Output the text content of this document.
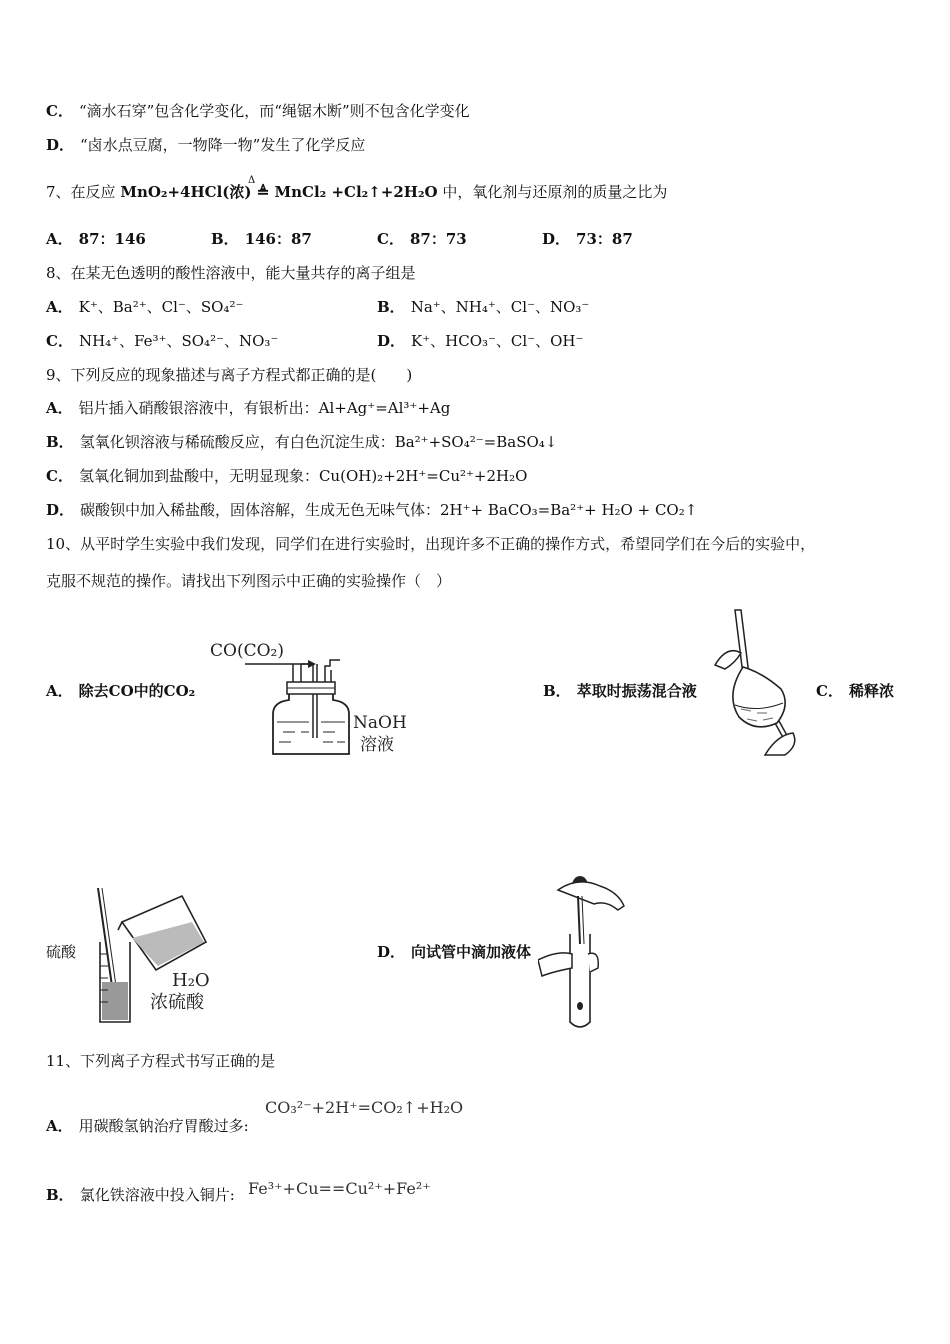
C． “滴水石穿”包含化学变化，而“绳锯木断”则不包含化学变化
D． “卤水点豆腐，一物降一物”发生了化学反应
Δ
7、在反应 MnO₂+4HCl(浓) ≜ MnCl₂ +Cl₂↑+2H₂O 中，氧化剂与还原剂的质量之比为
A． 87：146	B． 146：87	C． 87：73	D． 73：87
8、在某无色透明的酸性溶液中，能大量共存的离子组是
A． K⁺、Ba²⁺、Cl⁻、SO₄²⁻	B． Na⁺、NH₄⁺、Cl⁻、NO₃⁻
C． NH₄⁺、Fe³⁺、SO₄²⁻、NO₃⁻	D． K⁺、HCO₃⁻、Cl⁻、OH⁻
9、下列反应的现象描述与离子方程式都正确的是(　　)
A． 铝片插入硝酸银溶液中，有银析出：Al+Ag⁺=Al³⁺+Ag
B． 氢氧化钡溶液与稀硫酸反应，有白色沉淀生成：Ba²⁺+SO₄²⁻=BaSO₄↓
C． 氢氧化铜加到盐酸中，无明显现象：Cu(OH)₂+2H⁺=Cu²⁺+2H₂O
D． 碳酸钡中加入稀盐酸，固体溶解，生成无色无味气体：2H⁺+ BaCO₃=Ba²⁺+ H₂O + CO₂↑
10、从平时学生实验中我们发现，同学们在进行实验时，出现许多不正确的操作方式，希望同学们在今后的实验中，
克服不规范的操作。请找出下列图示中正确的实验操作（　）
A． 除去CO中的CO₂
CO(CO₂)
NaOH
溶液
B． 萃取时振荡混合液	C． 稀释浓
硫酸
H₂O
浓硫酸
D． 向试管中滴加液体
11、下列离子方程式书写正确的是
A． 用碳酸氢钠治疗胃酸过多:
CO₃²⁻+2H⁺=CO₂↑+H₂O
B． 氯化铁溶液中投入铜片: Fe³⁺+Cu==Cu²⁺+Fe²⁺
